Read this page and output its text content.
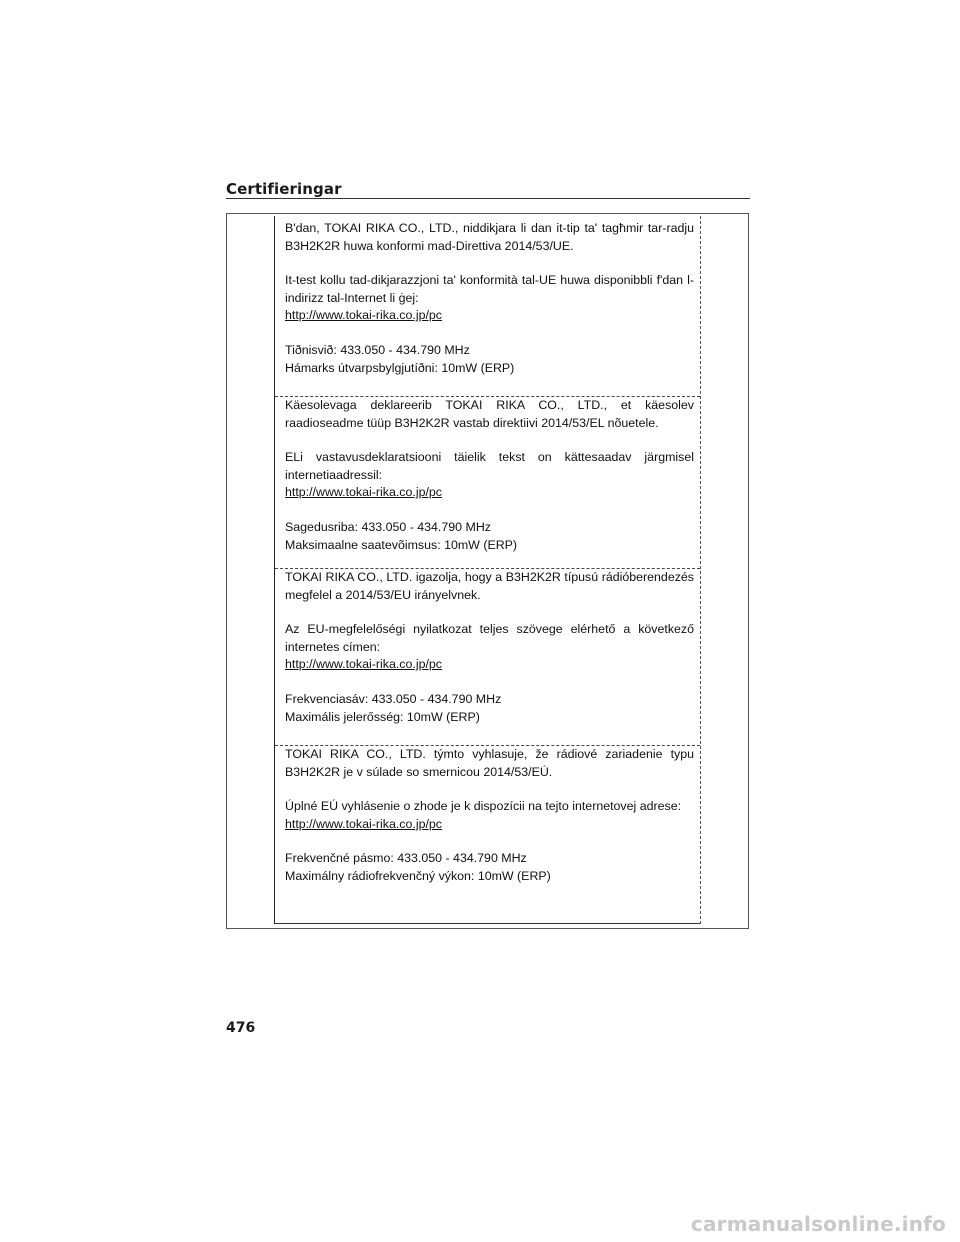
Certifieringar

B'dan, TOKAI RIKA CO., LTD., niddikjara li dan it-tip ta' tagħmir tar-radju B3H2K2R huwa konformi mad-Direttiva 2014/53/UE.

It-test kollu tad-dikjarazzjoni ta' konformità tal-UE huwa disponibbli f'dan l-indirizz tal-Internet li ġej:

http://www.tokai-rika.co.jp/pc

Tiðnisvið: 433.050 - 434.790 MHz

Hámarks útvarpsbylgjutíðni: 10mW (ERP)

Käesolevaga deklareerib TOKAI RIKA CO., LTD., et käesolev raadioseadme tüüp B3H2K2R vastab direktiivi 2014/53/EL nõuetele.

ELi vastavusdeklaratsiooni täielik tekst on kättesaadav järgmisel internetiaadressil:

http://www.tokai-rika.co.jp/pc

Sagedusriba: 433.050 - 434.790 MHz

Maksimaalne saatevõimsus: 10mW (ERP)

TOKAI RIKA CO., LTD. igazolja, hogy a B3H2K2R típusú rádióberendezés megfelel a 2014/53/EU irányelvnek.

Az EU-megfelelőségi nyilatkozat teljes szövege elérhető a következő internetes címen:

http://www.tokai-rika.co.jp/pc

Frekvenciasáv: 433.050 - 434.790 MHz

Maximális jelerősség: 10mW (ERP)

TOKAI RIKA CO., LTD. týmto vyhlasuje, že rádiové zariadenie typu B3H2K2R je v súlade so smernicou 2014/53/EÚ.

Úplné EÚ vyhlásenie o zhode je k dispozícii na tejto internetovej adrese:

http://www.tokai-rika.co.jp/pc

Frekvenčné pásmo: 433.050 - 434.790 MHz

Maximálny rádiofrekvenčný výkon: 10mW (ERP)

476
carmanualsonline.info
